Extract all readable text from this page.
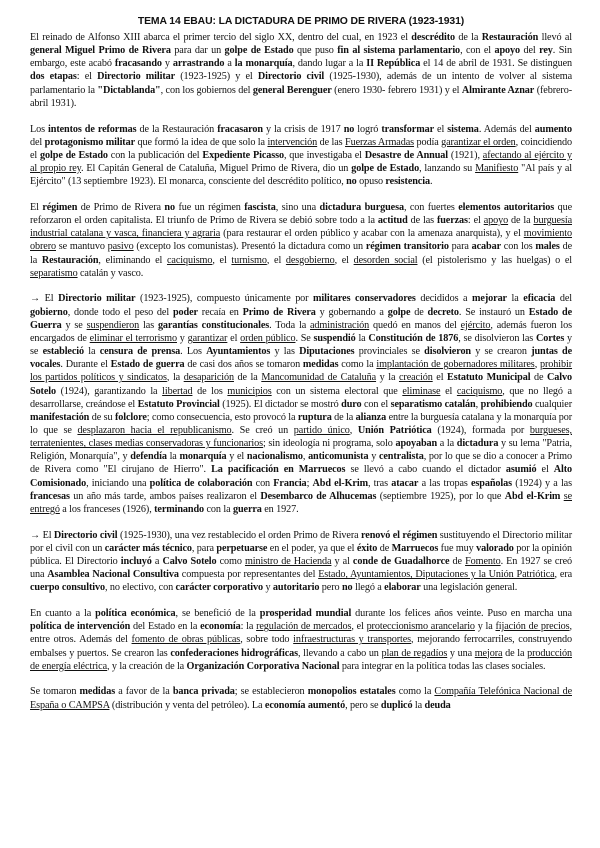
TEMA 14 EBAU: LA DICTADURA DE PRIMO DE RIVERA (1923-1931)

El reinado de Alfonso XIII abarca el primer tercio del siglo XX, dentro del cual, en 1923 el descrédito de la Restauración llevó al general Miguel Primo de Rivera para dar un golpe de Estado que puso fin al sistema parlamentario, con el apoyo del rey. Sin embargo, este acabó fracasando y arrastrando a la monarquía, dando lugar a la II República el 14 de abril de 1931. Se distinguen dos etapas: el Directorio militar (1923-1925) y el Directorio civil (1925-1930), además de un intento de volver al sistema parlamentario la "Dictablanda", con los gobiernos del general Berenguer (enero 1930- febrero 1931) y el Almirante Aznar (febrero-abril 1931).

Los intentos de reformas de la Restauración fracasaron y la crisis de 1917 no logró transformar el sistema. Además del aumento del protagonismo militar que formó la idea de que solo la intervención de las Fuerzas Armadas podía garantizar el orden, coincidiendo el golpe de Estado con la publicación del Expediente Picasso, que investigaba el Desastre de Annual (1921), afectando al ejército y al propio rey. El Capitán General de Cataluña, Miguel Primo de Rivera, dio un golpe de Estado, lanzando su Manifiesto "Al país y al Ejército" (13 septiembre 1923). El monarca, consciente del descrédito político, no opuso resistencia.

El régimen de Primo de Rivera no fue un régimen fascista, sino una dictadura burguesa, con fuertes elementos autoritarios que reforzaron el orden capitalista. El triunfo de Primo de Rivera se debió sobre todo a la actitud de las fuerzas: el apoyo de la burguesía industrial catalana y vasca, financiera y agraria (para restaurar el orden público y acabar con la amenaza anarquista), y el movimiento obrero se mantuvo pasivo (excepto los comunistas). Presentó la dictadura como un régimen transitorio para acabar con los males de la Restauración, eliminando el caciquismo, el turnismo, el desgobierno, el desorden social (el pistolerismo y las huelgas) o el separatismo catalán y vasco.

→ El Directorio militar (1923-1925), compuesto únicamente por militares conservadores decididos a mejorar la eficacia del gobierno, donde todo el peso del poder recaía en Primo de Rivera y gobernando a golpe de decreto. Se instauró un Estado de Guerra y se suspendieron las garantías constitucionales. Toda la administración quedó en manos del ejército, además fueron los encargados de eliminar el terrorismo y garantizar el orden público. Se suspendió la Constitución de 1876, se disolvieron las Cortes y se estableció la censura de prensa. Los Ayuntamientos y las Diputaciones provinciales se disolvieron y se crearon juntas de vocales. Durante el Estado de guerra de casi dos años se tomaron medidas como la implantación de gobernadores militares, prohibir los partidos políticos y sindicatos, la desaparición de la Mancomunidad de Cataluña y la creación el Estatuto Municipal de Calvo Sotelo (1924), garantizando la libertad de los municipios con un sistema electoral que eliminase el caciquismo, que no llegó a desarrollarse, creándose el Estatuto Provincial (1925). El dictador se mostró duro con el separatismo catalán, prohibiendo cualquier manifestación de su folclore; como consecuencia, esto provocó la ruptura de la alianza entre la burguesía catalana y la monarquía por lo que se desplazaron hacia el republicanismo. Se creó un partido único, Unión Patriótica (1924), formada por burgueses, terratenientes, clases medias conservadoras y funcionarios; sin ideología ni programa, solo apoyaban a la dictadura y su lema "Patria, Religión, Monarquía", y defendía la monarquía y el nacionalismo, anticomunista y centralista, por lo que se dio a conocer a Primo de Rivera como "El cirujano de Hierro". La pacificación en Marruecos se llevó a cabo cuando el dictador asumió el Alto Comisionado, iniciando una política de colaboración con Francia; Abd el-Krim, tras atacar a las tropas españolas (1924) y a las francesas un año más tarde, ambos países realizaron el Desembarco de Alhucemas (septiembre 1925), por lo que Abd el-Krim se entregó a los franceses (1926), terminando con la guerra en 1927.

→ El Directorio civil (1925-1930), una vez restablecido el orden Primo de Rivera renovó el régimen sustituyendo el Directorio militar por el civil con un carácter más técnico, para perpetuarse en el poder, ya que el éxito de Marruecos fue muy valorado por la opinión pública. El Directorio incluyó a Calvo Sotelo como ministro de Hacienda y al conde de Guadalhorce de Fomento. En 1927 se creó una Asamblea Nacional Consultiva compuesta por representantes del Estado, Ayuntamientos, Diputaciones y la Unión Patriótica, era cuerpo consultivo, no electivo, con carácter corporativo y autoritario pero no llegó a elaborar una legislación general.

En cuanto a la política económica, se benefició de la prosperidad mundial durante los felices años veinte. Puso en marcha una política de intervención del Estado en la economía: la regulación de mercados, el proteccionismo arancelario y la fijación de precios, entre otros. Además del fomento de obras públicas, sobre todo infraestructuras y transportes, mejorando ferrocarriles, construyendo embalses y puertos. Se crearon las confederaciones hidrográficas, llevando a cabo un plan de regadíos y una mejora de la producción de energía eléctrica, y la creación de la Organización Corporativa Nacional para integrar en la política todas las clases sociales.

Se tomaron medidas a favor de la banca privada; se establecieron monopolios estatales como la Compañía Telefónica Nacional de España o CAMPSA (distribución y venta del petróleo). La economía aumentó, pero se duplicó la deuda
